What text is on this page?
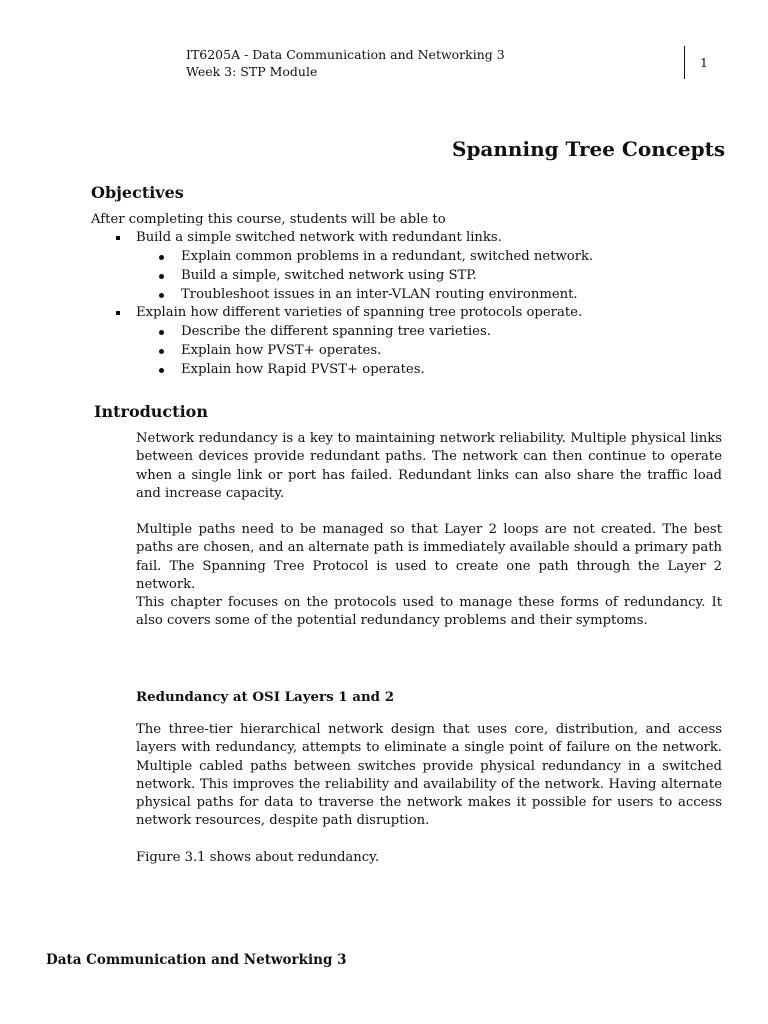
IT6205A - Data Communication and Networking 3
Week 3: STP Module
1
Spanning Tree Concepts
Objectives
After completing this course, students will be able to
Build a simple switched network with redundant links.
Explain common problems in a redundant, switched network.
Build a simple, switched network using STP.
Troubleshoot issues in an inter-VLAN routing environment.
Explain how different varieties of spanning tree protocols operate.
Describe the different spanning tree varieties.
Explain how PVST+ operates.
Explain how Rapid PVST+ operates.
Introduction

Network redundancy is a key to maintaining network reliability. Multiple physical links between devices provide redundant paths. The network can then continue to operate when a single link or port has failed. Redundant links can also share the traffic load and increase capacity.

Multiple paths need to be managed so that Layer 2 loops are not created. The best paths are chosen, and an alternate path is immediately available should a primary path fail. The Spanning Tree Protocol is used to create one path through the Layer 2 network.

This chapter focuses on the protocols used to manage these forms of redundancy. It also covers some of the potential redundancy problems and their symptoms.

Redundancy at OSI Layers 1 and 2

The three-tier hierarchical network design that uses core, distribution, and access layers with redundancy, attempts to eliminate a single point of failure on the network. Multiple cabled paths between switches provide physical redundancy in a switched network. This improves the reliability and availability of the network. Having alternate physical paths for data to traverse the network makes it possible for users to access network resources, despite path disruption.

Figure 3.1 shows about redundancy.
Data Communication and Networking 3
